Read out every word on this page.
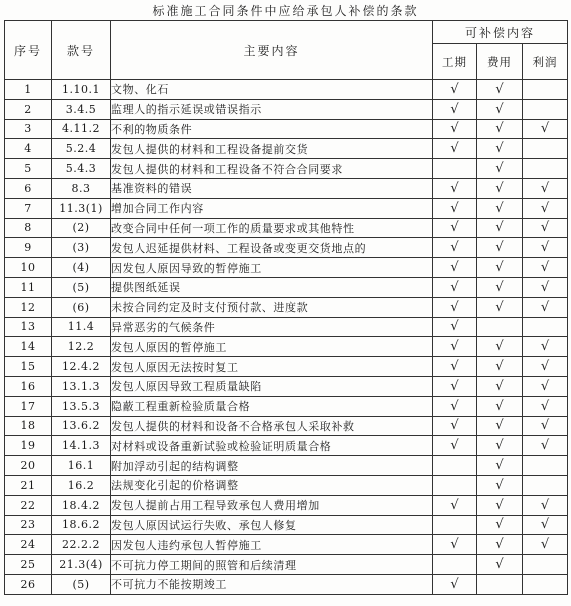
标准施工合同条件中应给承包人补偿的条款
序号	款号	主要内容	可补偿内容		
			工期	费用	利润
1	1.10.1	文物、化石	√	√	
2	3.4.5	监理人的指示延误或错误指示	√	√	
3	4.11.2	不利的物质条件	√	√	√
4	5.2.4	发包人提供的材料和工程设备提前交货	√	√	
5	5.4.3	发包人提供的材料和工程设备不符合合同要求		√	
6	8.3	基准资料的错误	√	√	√
7	11.3(1)	增加合同工作内容	√	√	√
8	(2)	改变合同中任何一项工作的质量要求或其他特性	√	√	√
9	(3)	发包人迟延提供材料、工程设备或变更交货地点的	√	√	√
10	(4)	因发包人原因导致的暂停施工	√	√	√
11	(5)	提供图纸延误	√	√	√
12	(6)	未按合同约定及时支付预付款、进度款	√	√	√
13	11.4	异常恶劣的气候条件	√		
14	12.2	发包人原因的暂停施工	√	√	√
15	12.4.2	发包人原因无法按时复工	√	√	√
16	13.1.3	发包人原因导致工程质量缺陷	√	√	√
17	13.5.3	隐蔽工程重新检验质量合格	√	√	√
18	13.6.2	发包人提供的材料和设备不合格承包人采取补救	√	√	√
19	14.1.3	对材料或设备重新试验或检验证明质量合格	√	√	√
20	16.1	附加浮动引起的结构调整		√	
21	16.2	法规变化引起的价格调整		√	
22	18.4.2	发包人提前占用工程导致承包人费用增加	√	√	√
23	18.6.2	发包人原因试运行失败、承包人修复		√	√
24	22.2.2	因发包人违约承包人暂停施工	√	√	√
25	21.3(4)	不可抗力停工期间的照管和后续清理		√	
26	(5)	不可抗力不能按期竣工	√		
